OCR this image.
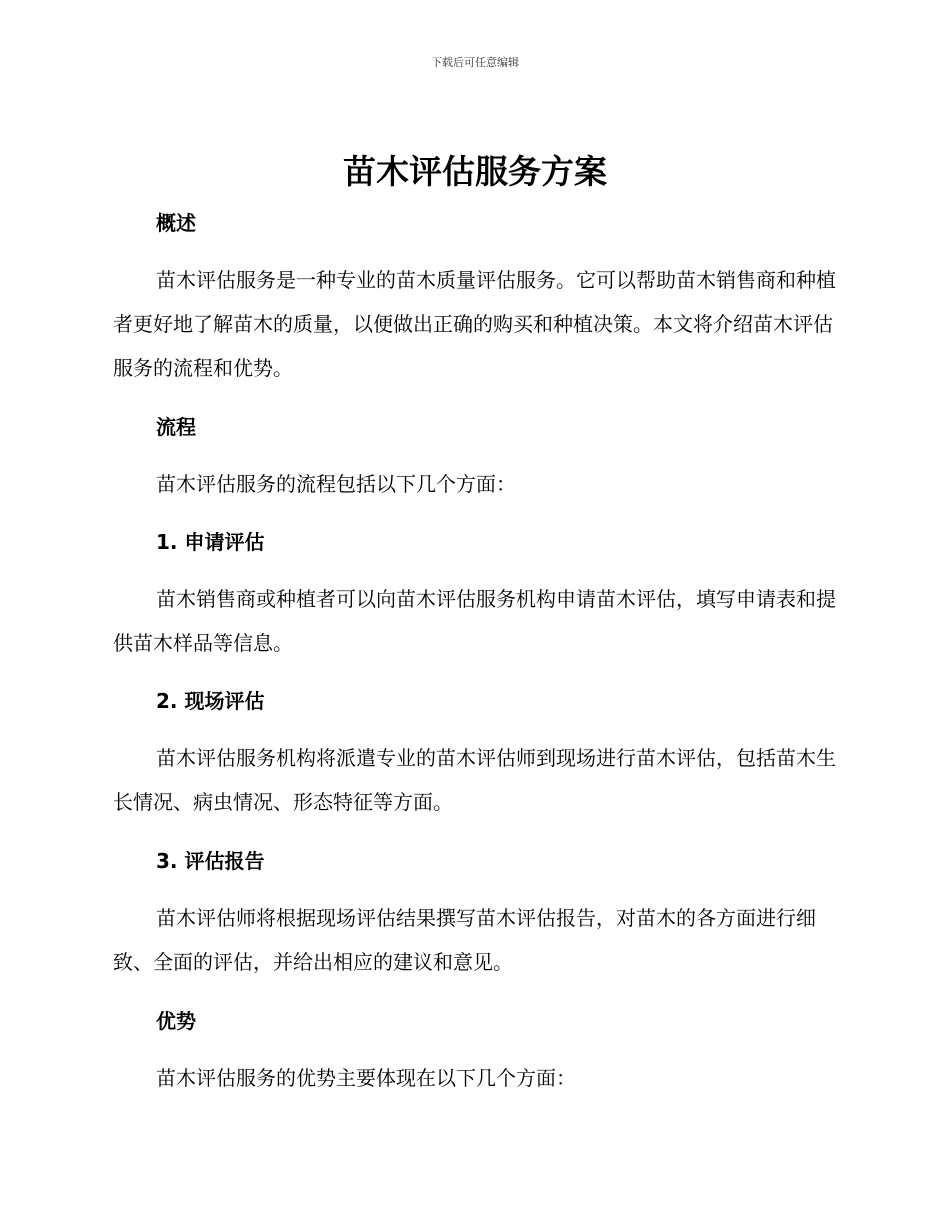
下载后可任意编辑
苗木评估服务方案
概述
苗木评估服务是一种专业的苗木质量评估服务。它可以帮助苗木销售商和种植者更好地了解苗木的质量，以便做出正确的购买和种植决策。本文将介绍苗木评估服务的流程和优势。
流程
苗木评估服务的流程包括以下几个方面：
1. 申请评估
苗木销售商或种植者可以向苗木评估服务机构申请苗木评估，填写申请表和提供苗木样品等信息。
2. 现场评估
苗木评估服务机构将派遣专业的苗木评估师到现场进行苗木评估，包括苗木生长情况、病虫情况、形态特征等方面。
3. 评估报告
苗木评估师将根据现场评估结果撰写苗木评估报告，对苗木的各方面进行细致、全面的评估，并给出相应的建议和意见。
优势
苗木评估服务的优势主要体现在以下几个方面：
